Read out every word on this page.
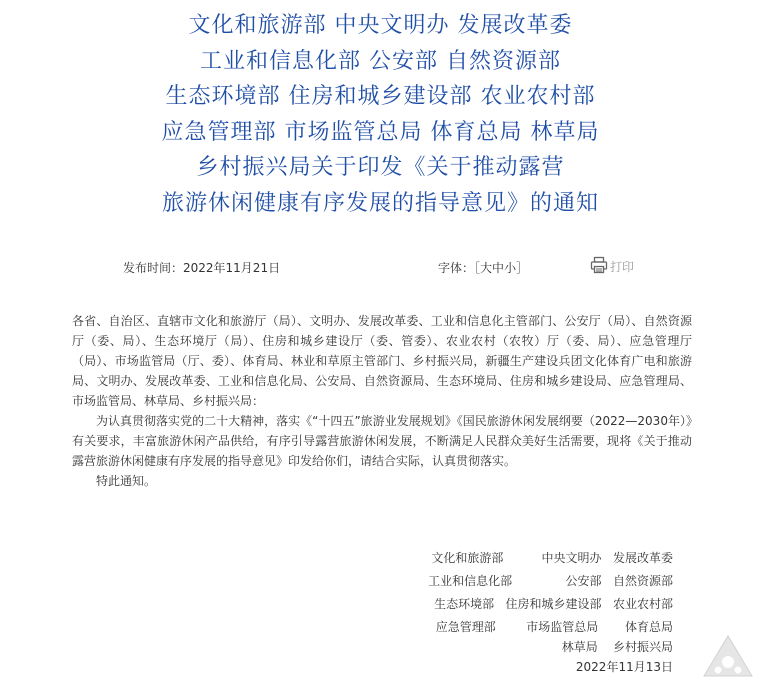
文化和旅游部 中央文明办 发展改革委
工业和信息化部 公安部 自然资源部
生态环境部 住房和城乡建设部 农业农村部
应急管理部 市场监管总局 体育总局 林草局
乡村振兴局关于印发《关于推动露营
旅游休闲健康有序发展的指导意见》的通知
发布时间：2022年11月21日	字体：［大中小］	打印

各省、自治区、直辖市文化和旅游厅（局）、文明办、发展改革委、工业和信息化主管部门、公安厅（局）、自然资源厅（委、局）、生态环境厅（局）、住房和城乡建设厅（委、管委）、农业农村（农牧）厅（委、局）、应急管理厅（局）、市场监管局（厅、委）、体育局、林业和草原主管部门、乡村振兴局，新疆生产建设兵团文化体育广电和旅游局、文明办、发展改革委、工业和信息化局、公安局、自然资源局、生态环境局、住房和城乡建设局、应急管理局、市场监管局、林草局、乡村振兴局：

为认真贯彻落实党的二十大精神，落实《“十四五”旅游业发展规划》《国民旅游休闲发展纲要（2022—2030年）》有关要求，丰富旅游休闲产品供给，有序引导露营旅游休闲发展，不断满足人民群众美好生活需要，现将《关于推动露营旅游休闲健康有序发展的指导意见》印发给你们，请结合实际，认真贯彻落实。

特此通知。

文化和旅游部          中央文明办   发展改革委
工业和信息化部              公安部   自然资源部
生态环境部   住房和城乡建设部   农业农村部
应急管理部        市场监管总局       体育总局
林草局    乡村振兴局
2022年11月13日
